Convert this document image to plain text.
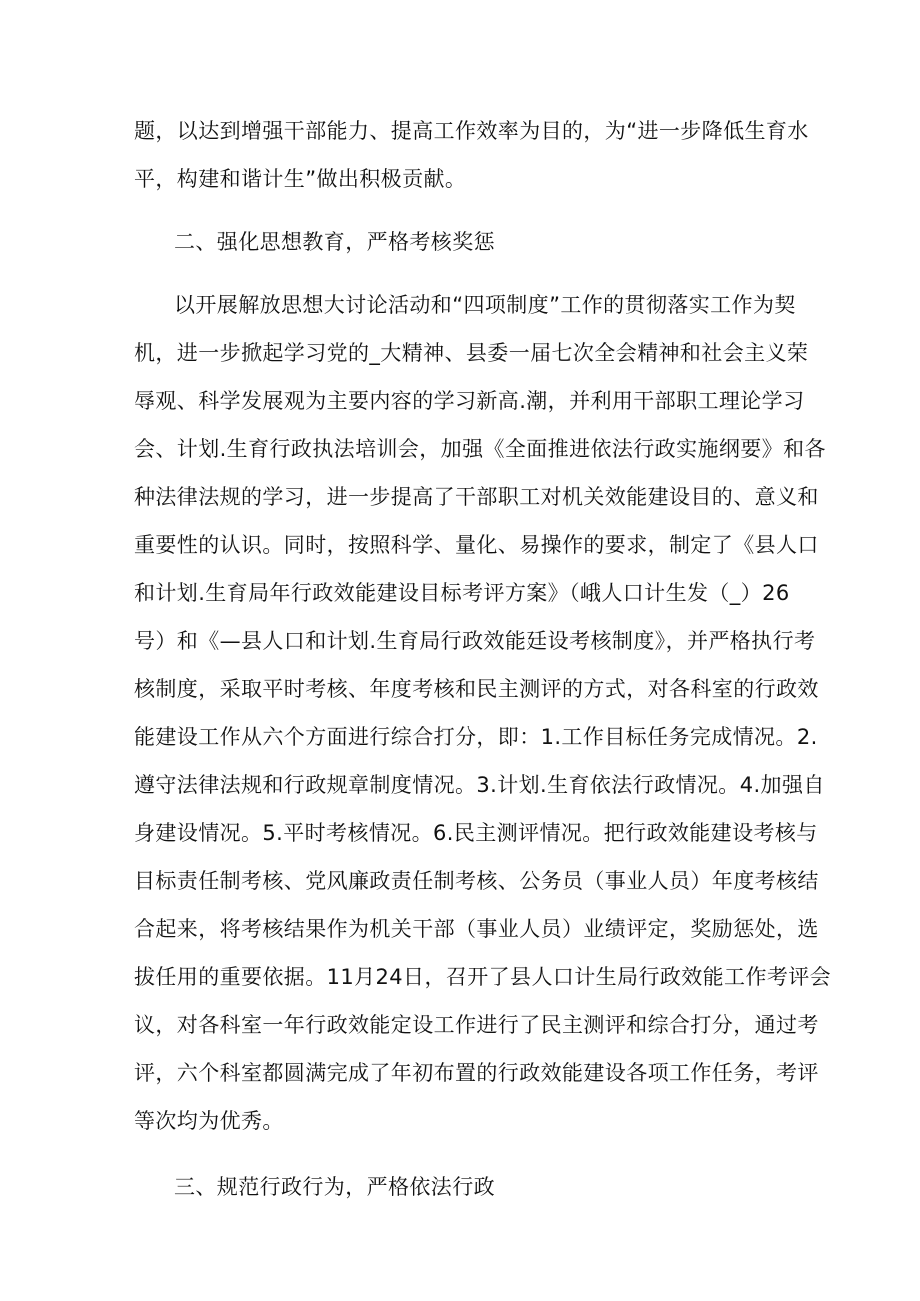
题，以达到增强干部能力、提高工作效率为目的，为“进一步降低生育水
平，构建和谐计生”做出积极贡献。
二、强化思想教育，严格考核奖惩
以开展解放思想大讨论活动和“四项制度”工作的贯彻落实工作为契
机，进一步掀起学习党的_大精神、县委一届七次全会精神和社会主义荣
辱观、科学发展观为主要内容的学习新高.潮，并利用干部职工理论学习
会、计划.生育行政执法培训会，加强《全面推进依法行政实施纲要》和各
种法律法规的学习，进一步提高了干部职工对机关效能建设目的、意义和
重要性的认识。同时，按照科学、量化、易操作的要求，制定了《县人口
和计划.生育局年行政效能建设目标考评方案》（峨人口计生发（_）26
号）和《—县人口和计划.生育局行政效能廷设考核制度》，并严格执行考
核制度，采取平时考核、年度考核和民主测评的方式，对各科室的行政效
能建设工作从六个方面进行综合打分，即：1.工作目标任务完成情况。2.
遵守法律法规和行政规章制度情况。3.计划.生育依法行政情况。4.加强自
身建设情况。5.平时考核情况。6.民主测评情况。把行政效能建设考核与
目标责任制考核、党风廉政责任制考核、公务员（事业人员）年度考核结
合起来，将考核结果作为机关干部（事业人员）业绩评定，奖励惩处，选
拔任用的重要依据。11月24日，召开了县人口计生局行政效能工作考评会
议，对各科室一年行政效能定设工作进行了民主测评和综合打分，通过考
评，六个科室都圆满完成了年初布置的行政效能建设各项工作任务，考评
等次均为优秀。
三、规范行政行为，严格依法行政
